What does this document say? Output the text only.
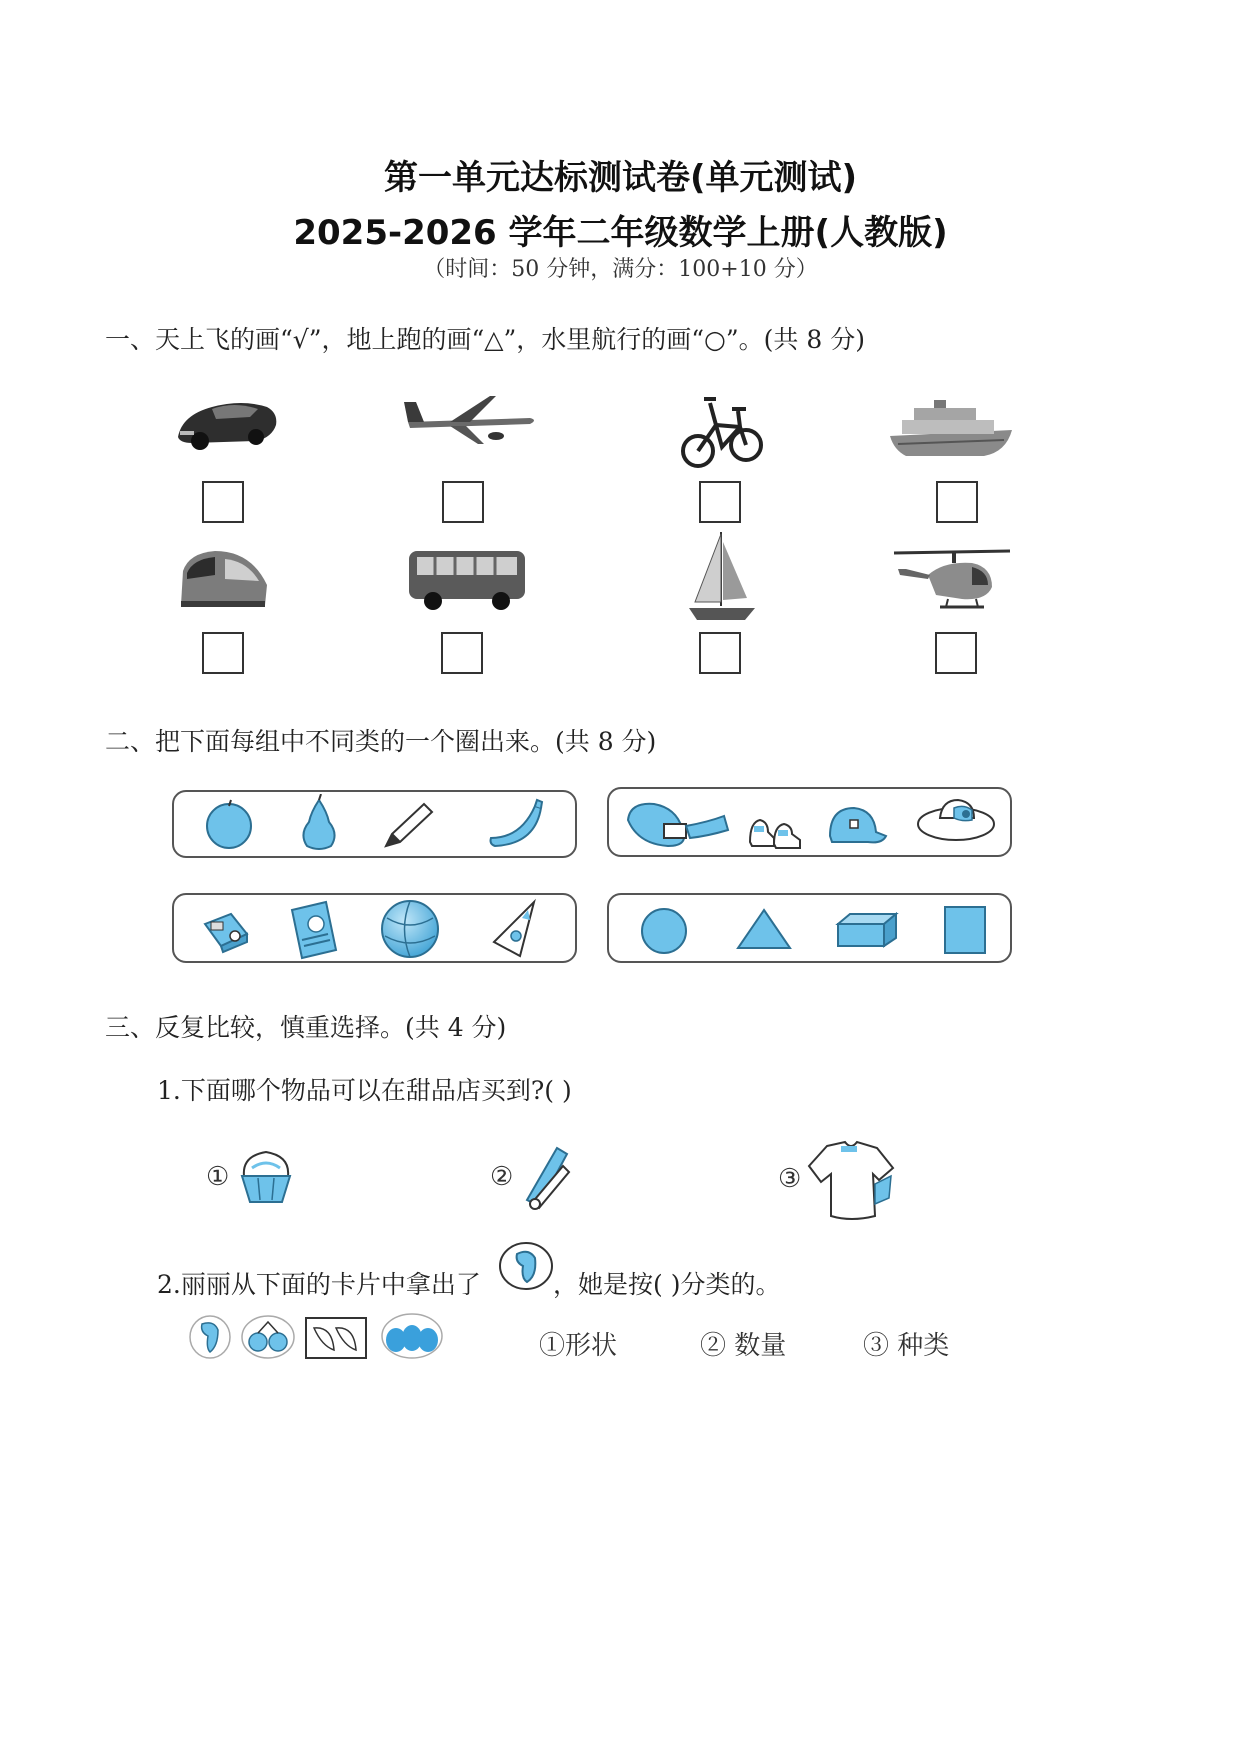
第一单元达标测试卷(单元测试)
2025-2026 学年二年级数学上册(人教版)
（时间：50 分钟，满分：100+10 分）
一、天上飞的画“√”，地上跑的画“△”，水里航行的画“○”。(共 8 分)
二、把下面每组中不同类的一个圈出来。(共 8 分)
三、反复比较，慎重选择。(共 4 分)
1.下面哪个物品可以在甜品店买到?( )
①	②	③
2.丽丽从下面的卡片中拿出了	，她是按( )分类的。
①形状	② 数量	③ 种类
